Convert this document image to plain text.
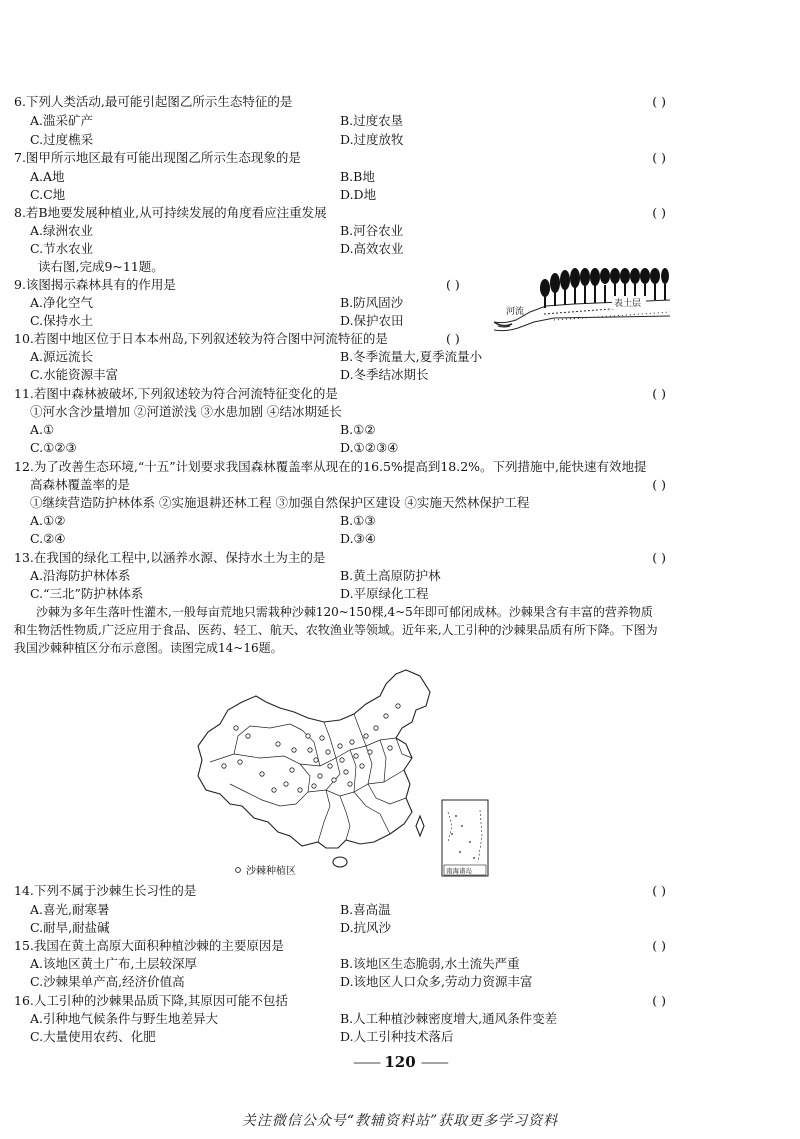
6.下列人类活动,最可能引起图乙所示生态特征的是	( )
A.滥采矿产	B.过度农垦
C.过度樵采	D.过度放牧
7.图甲所示地区最有可能出现图乙所示生态现象的是	( )
A.A地	B.B地
C.C地	D.D地
8.若B地要发展种植业,从可持续发展的角度看应注重发展	( )
A.绿洲农业	B.河谷农业
C.节水农业	D.高效农业
读右图,完成9~11题。
9.该图揭示森林具有的作用是	( )
A.净化空气	B.防风固沙
C.保持水土	D.保护农田
表土层
河流
10.若图中地区位于日本本州岛,下列叙述较为符合图中河流特征的是	( )
A.源远流长	B.冬季流量大,夏季流量小
C.水能资源丰富	D.冬季结冰期长
11.若图中森林被破坏,下列叙述较为符合河流特征变化的是	( )
①河水含沙量增加 ②河道淤浅 ③水患加剧 ④结冰期延长
A.①	B.①②
C.①②③	D.①②③④
12.为了改善生态环境,“十五”计划要求我国森林覆盖率从现在的16.5%提高到18.2%。下列措施中,能快速有效地提
高森林覆盖率的是	( )
①继续营造防护林体系 ②实施退耕还林工程 ③加强自然保护区建设 ④实施天然林保护工程
A.①②	B.①③
C.②④	D.③④
13.在我国的绿化工程中,以涵养水源、保持水土为主的是	( )
A.沿海防护林体系	B.黄土高原防护林
C.“三北”防护林体系	D.平原绿化工程
沙棘为多年生落叶性灌木,一般每亩荒地只需栽种沙棘120~150棵,4~5年即可郁闭成林。沙棘果含有丰富的营养物质和生物活性物质,广泛应用于食品、医药、轻工、航天、农牧渔业等领域。近年来,人工引种的沙棘果品质有所下降。下图为我国沙棘种植区分布示意图。读图完成14~16题。
南海诸岛
沙棘种植区
14.下列不属于沙棘生长习性的是	( )
A.喜光,耐寒暑	B.喜高温
C.耐旱,耐盐碱	D.抗风沙
15.我国在黄土高原大面积种植沙棘的主要原因是	( )
A.该地区黄土广布,土层较深厚	B.该地区生态脆弱,水土流失严重
C.沙棘果单产高,经济价值高	D.该地区人口众多,劳动力资源丰富
16.人工引种的沙棘果品质下降,其原因可能不包括	( )
A.引种地气候条件与野生地差异大	B.人工种植沙棘密度增大,通风条件变差
C.大量使用农药、化肥	D.人工引种技术落后
—— 120 ——
关注微信公众号“教辅资料站”获取更多学习资料
